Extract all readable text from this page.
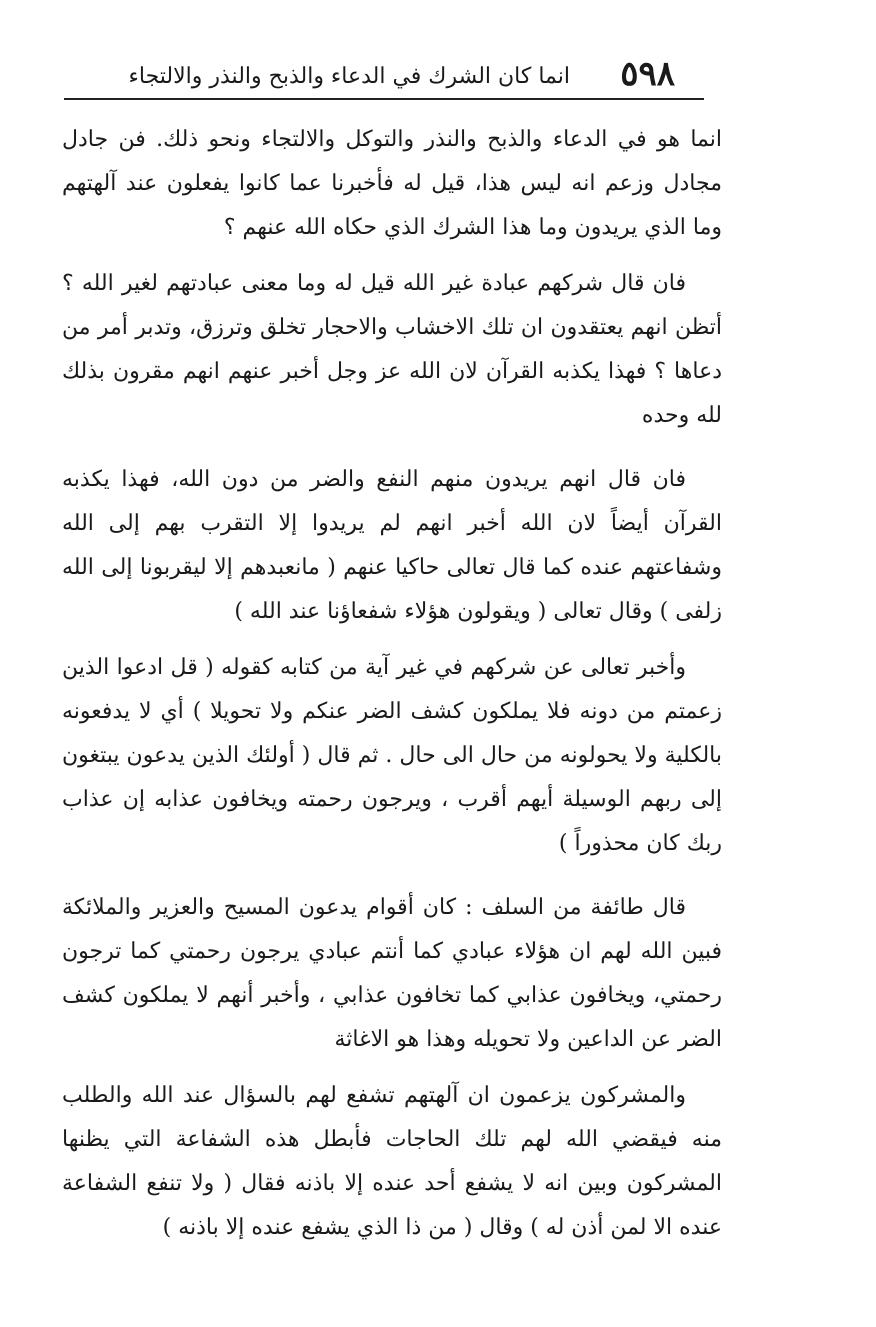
٥٩٨
انما كان الشرك في الدعاء والذبح والنذر والالتجاء

انما هو في الدعاء والذبح والنذر والتوكل والالتجاء ونحو ذلك. فن جادل مجادل وزعم انه ليس هذا، قيل له فأخبرنا عما كانوا يفعلون عند آلهتهم وما الذي يريدون وما هذا الشرك الذي حكاه الله عنهم ؟

فان قال شركهم عبادة غير الله قيل له وما معنى عبادتهم لغير الله ؟ أتظن انهم يعتقدون ان تلك الاخشاب والاحجار تخلق وترزق، وتدبر أمر من دعاها ؟ فهذا يكذبه القرآن لان الله عز وجل أخبر عنهم انهم مقرون بذلك لله وحده

فان قال انهم يريدون منهم النفع والضر من دون الله، فهذا يكذبه القرآن أيضاً لان الله أخبر انهم لم يريدوا إلا التقرب بهم إلى الله وشفاعتهم عنده كما قال تعالى حاكيا عنهم ( مانعبدهم إلا ليقربونا إلى الله زلفى ) وقال تعالى ( ويقولون هؤلاء شفعاؤنا عند الله )

وأخبر تعالى عن شركهم في غير آية من كتابه كقوله ( قل ادعوا الذين زعمتم من دونه فلا يملكون كشف الضر عنكم ولا تحويلا ) أي لا يدفعونه بالكلية ولا يحولونه من حال الى حال . ثم قال ( أولئك الذين يدعون يبتغون إلى ربهم الوسيلة أيهم أقرب ، ويرجون رحمته ويخافون عذابه إن عذاب ربك كان محذوراً )

قال طائفة من السلف : كان أقوام يدعون المسيح والعزير والملائكة فبين الله لهم ان هؤلاء عبادي كما أنتم عبادي يرجون رحمتي كما ترجون رحمتي، ويخافون عذابي كما تخافون عذابي ، وأخبر أنهم لا يملكون كشف الضر عن الداعين ولا تحويله وهذا هو الاغاثة

والمشركون يزعمون ان آلهتهم تشفع لهم بالسؤال عند الله والطلب منه فيقضي الله لهم تلك الحاجات فأبطل هذه الشفاعة التي يظنها المشركون وبين انه لا يشفع أحد عنده إلا باذنه فقال ( ولا تنفع الشفاعة عنده الا لمن أذن له ) وقال ( من ذا الذي يشفع عنده إلا باذنه )
